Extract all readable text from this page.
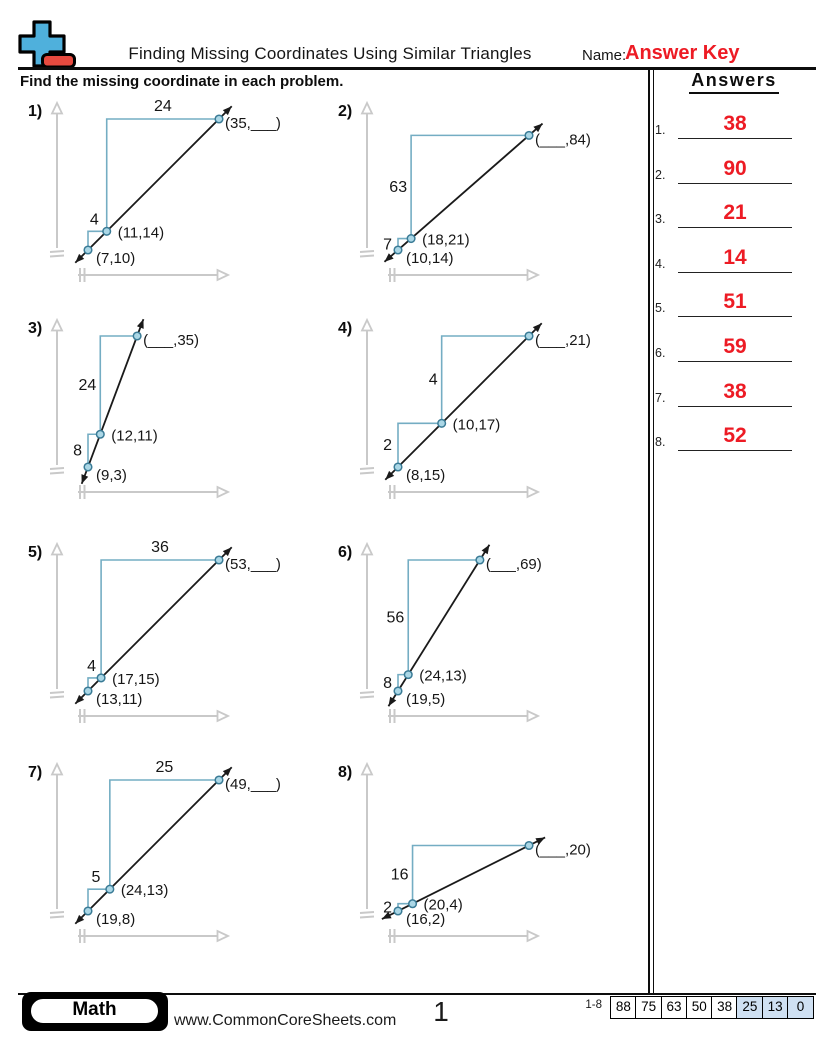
Finding Missing Coordinates Using Similar Triangles	Name:
Answer Key
Find the missing coordinate in each problem.	Answers
1.	38
2.	90
3.	21
4.	14
5.	51
6.	59
7.	38
8.	52
4
24
(7,10)
(11,14)
(35,___)
1)
7
63
(10,14)
(18,21)
(___,84)
2)
8
24
(9,3)
(12,11)
(___,35)
3)
2
4
(8,15)
(10,17)
(___,21)
4)
4
36
(13,11)
(17,15)
(53,___)
5)
8
56
(19,5)
(24,13)
(___,69)
6)
5
25
(19,8)
(24,13)
(49,___)
7)
2
16
(16,2)
(20,4)
(___,20)
8)
Math
www.CommonCoreSheets.com	1	1-8	88 75 63 50 38 25 13	0
